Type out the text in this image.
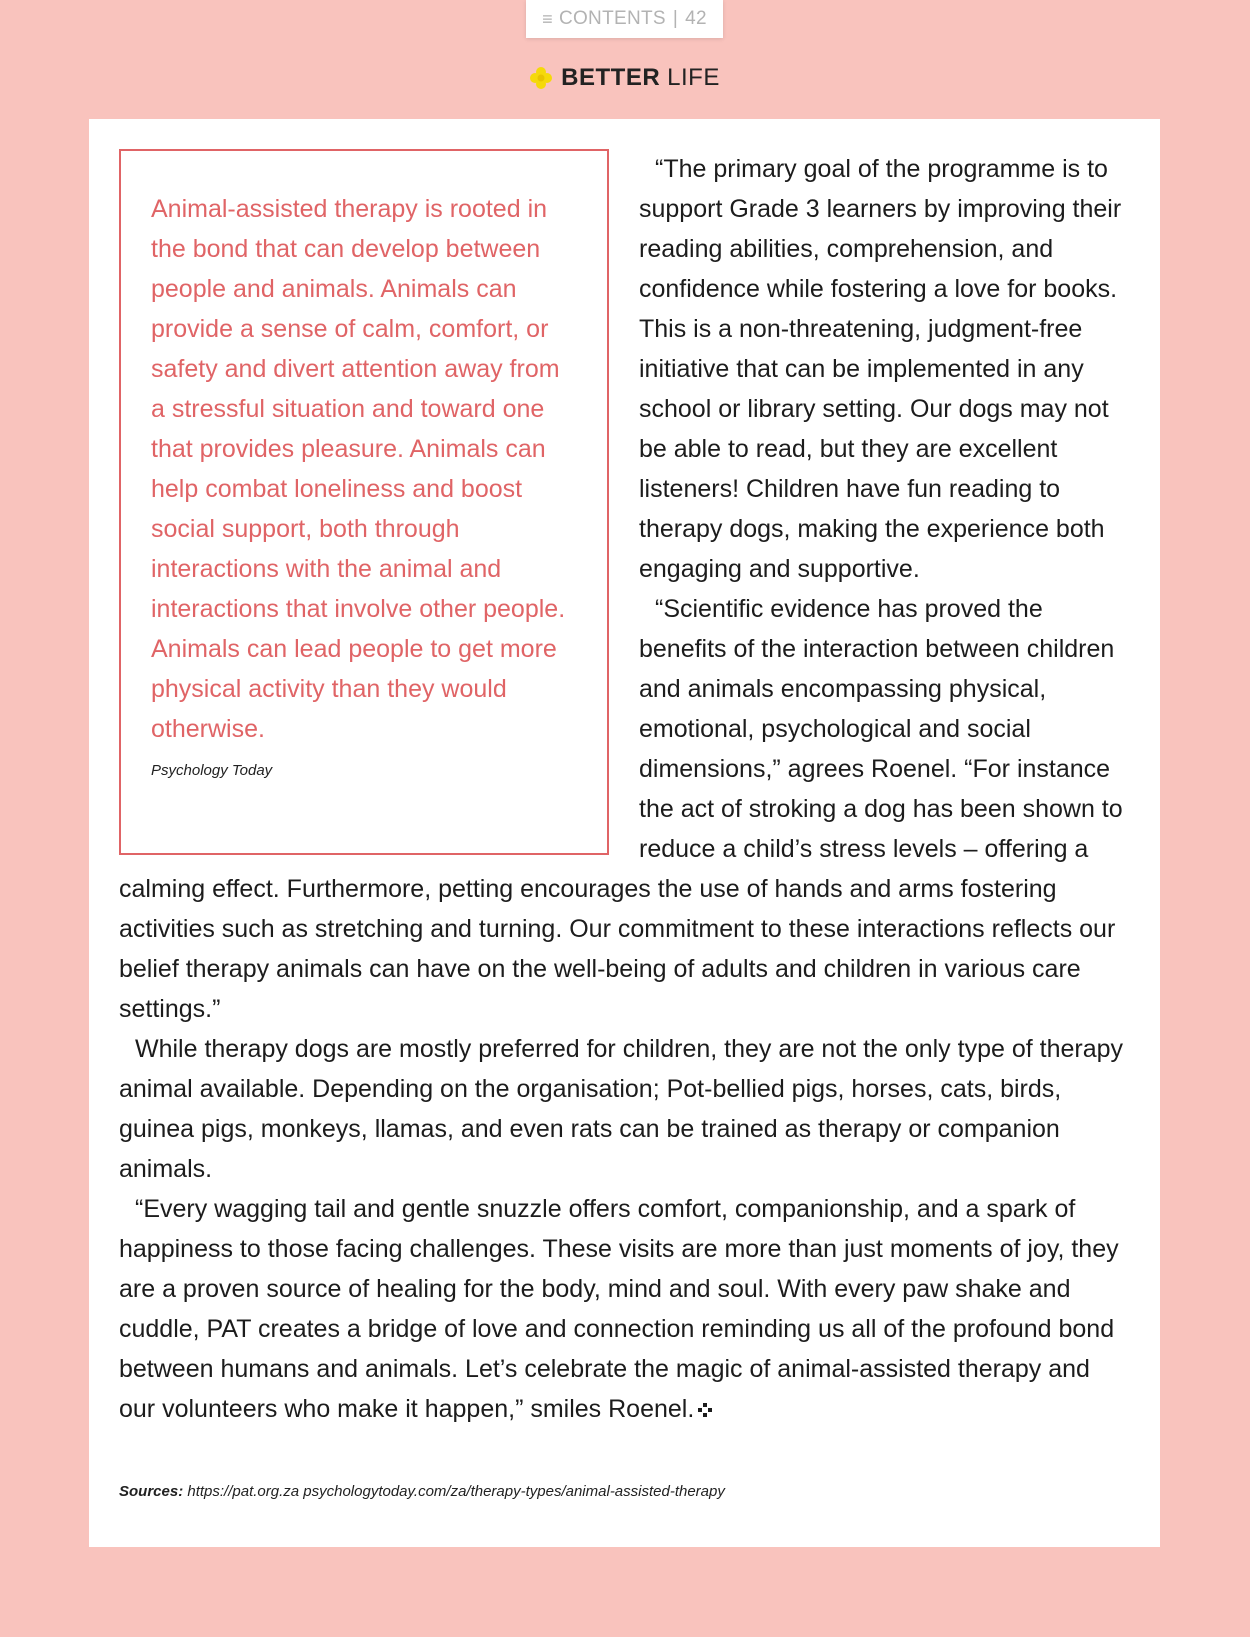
≡ CONTENTS | 42
BETTER LIFE

Animal-assisted therapy is rooted in the bond that can develop between people and animals. Animals can provide a sense of calm, comfort, or safety and divert attention away from a stressful situation and toward one that provides pleasure. Animals can help combat loneliness and boost social support, both through interactions with the animal and interactions that involve other people. Animals can lead people to get more physical activity than they would otherwise.

Psychology Today

“The primary goal of the programme is to support Grade 3 learners by improving their reading abilities, comprehension, and confidence while fostering a love for books. This is a non-threatening, judgment-free initiative that can be implemented in any school or library setting. Our dogs may not be able to read, but they are excellent listeners! Children have fun reading to therapy dogs, making the experience both engaging and supportive.

“Scientific evidence has proved the benefits of the interaction between children and animals encompassing physical, emotional, psychological and social dimensions,” agrees Roenel. “For instance the act of stroking a dog has been shown to reduce a child’s stress levels – offering a calming effect. Furthermore, petting encourages the use of hands and arms fostering activities such as stretching and turning. Our commitment to these interactions reflects our belief therapy animals can have on the well-being of adults and children in various care settings.”

While therapy dogs are mostly preferred for children, they are not the only type of therapy animal available. Depending on the organisation; Pot-bellied pigs, horses, cats, birds, guinea pigs, monkeys, llamas, and even rats can be trained as therapy or companion animals.

“Every wagging tail and gentle snuzzle offers comfort, companionship, and a spark of happiness to those facing challenges. These visits are more than just moments of joy, they are a proven source of healing for the body, mind and soul. With every paw shake and cuddle, PAT creates a bridge of love and connection reminding us all of the profound bond between humans and animals. Let’s celebrate the magic of animal-assisted therapy and our volunteers who make it happen,” smiles Roenel.

Sources: https://pat.org.za psychologytoday.com/za/therapy-types/animal-assisted-therapy
